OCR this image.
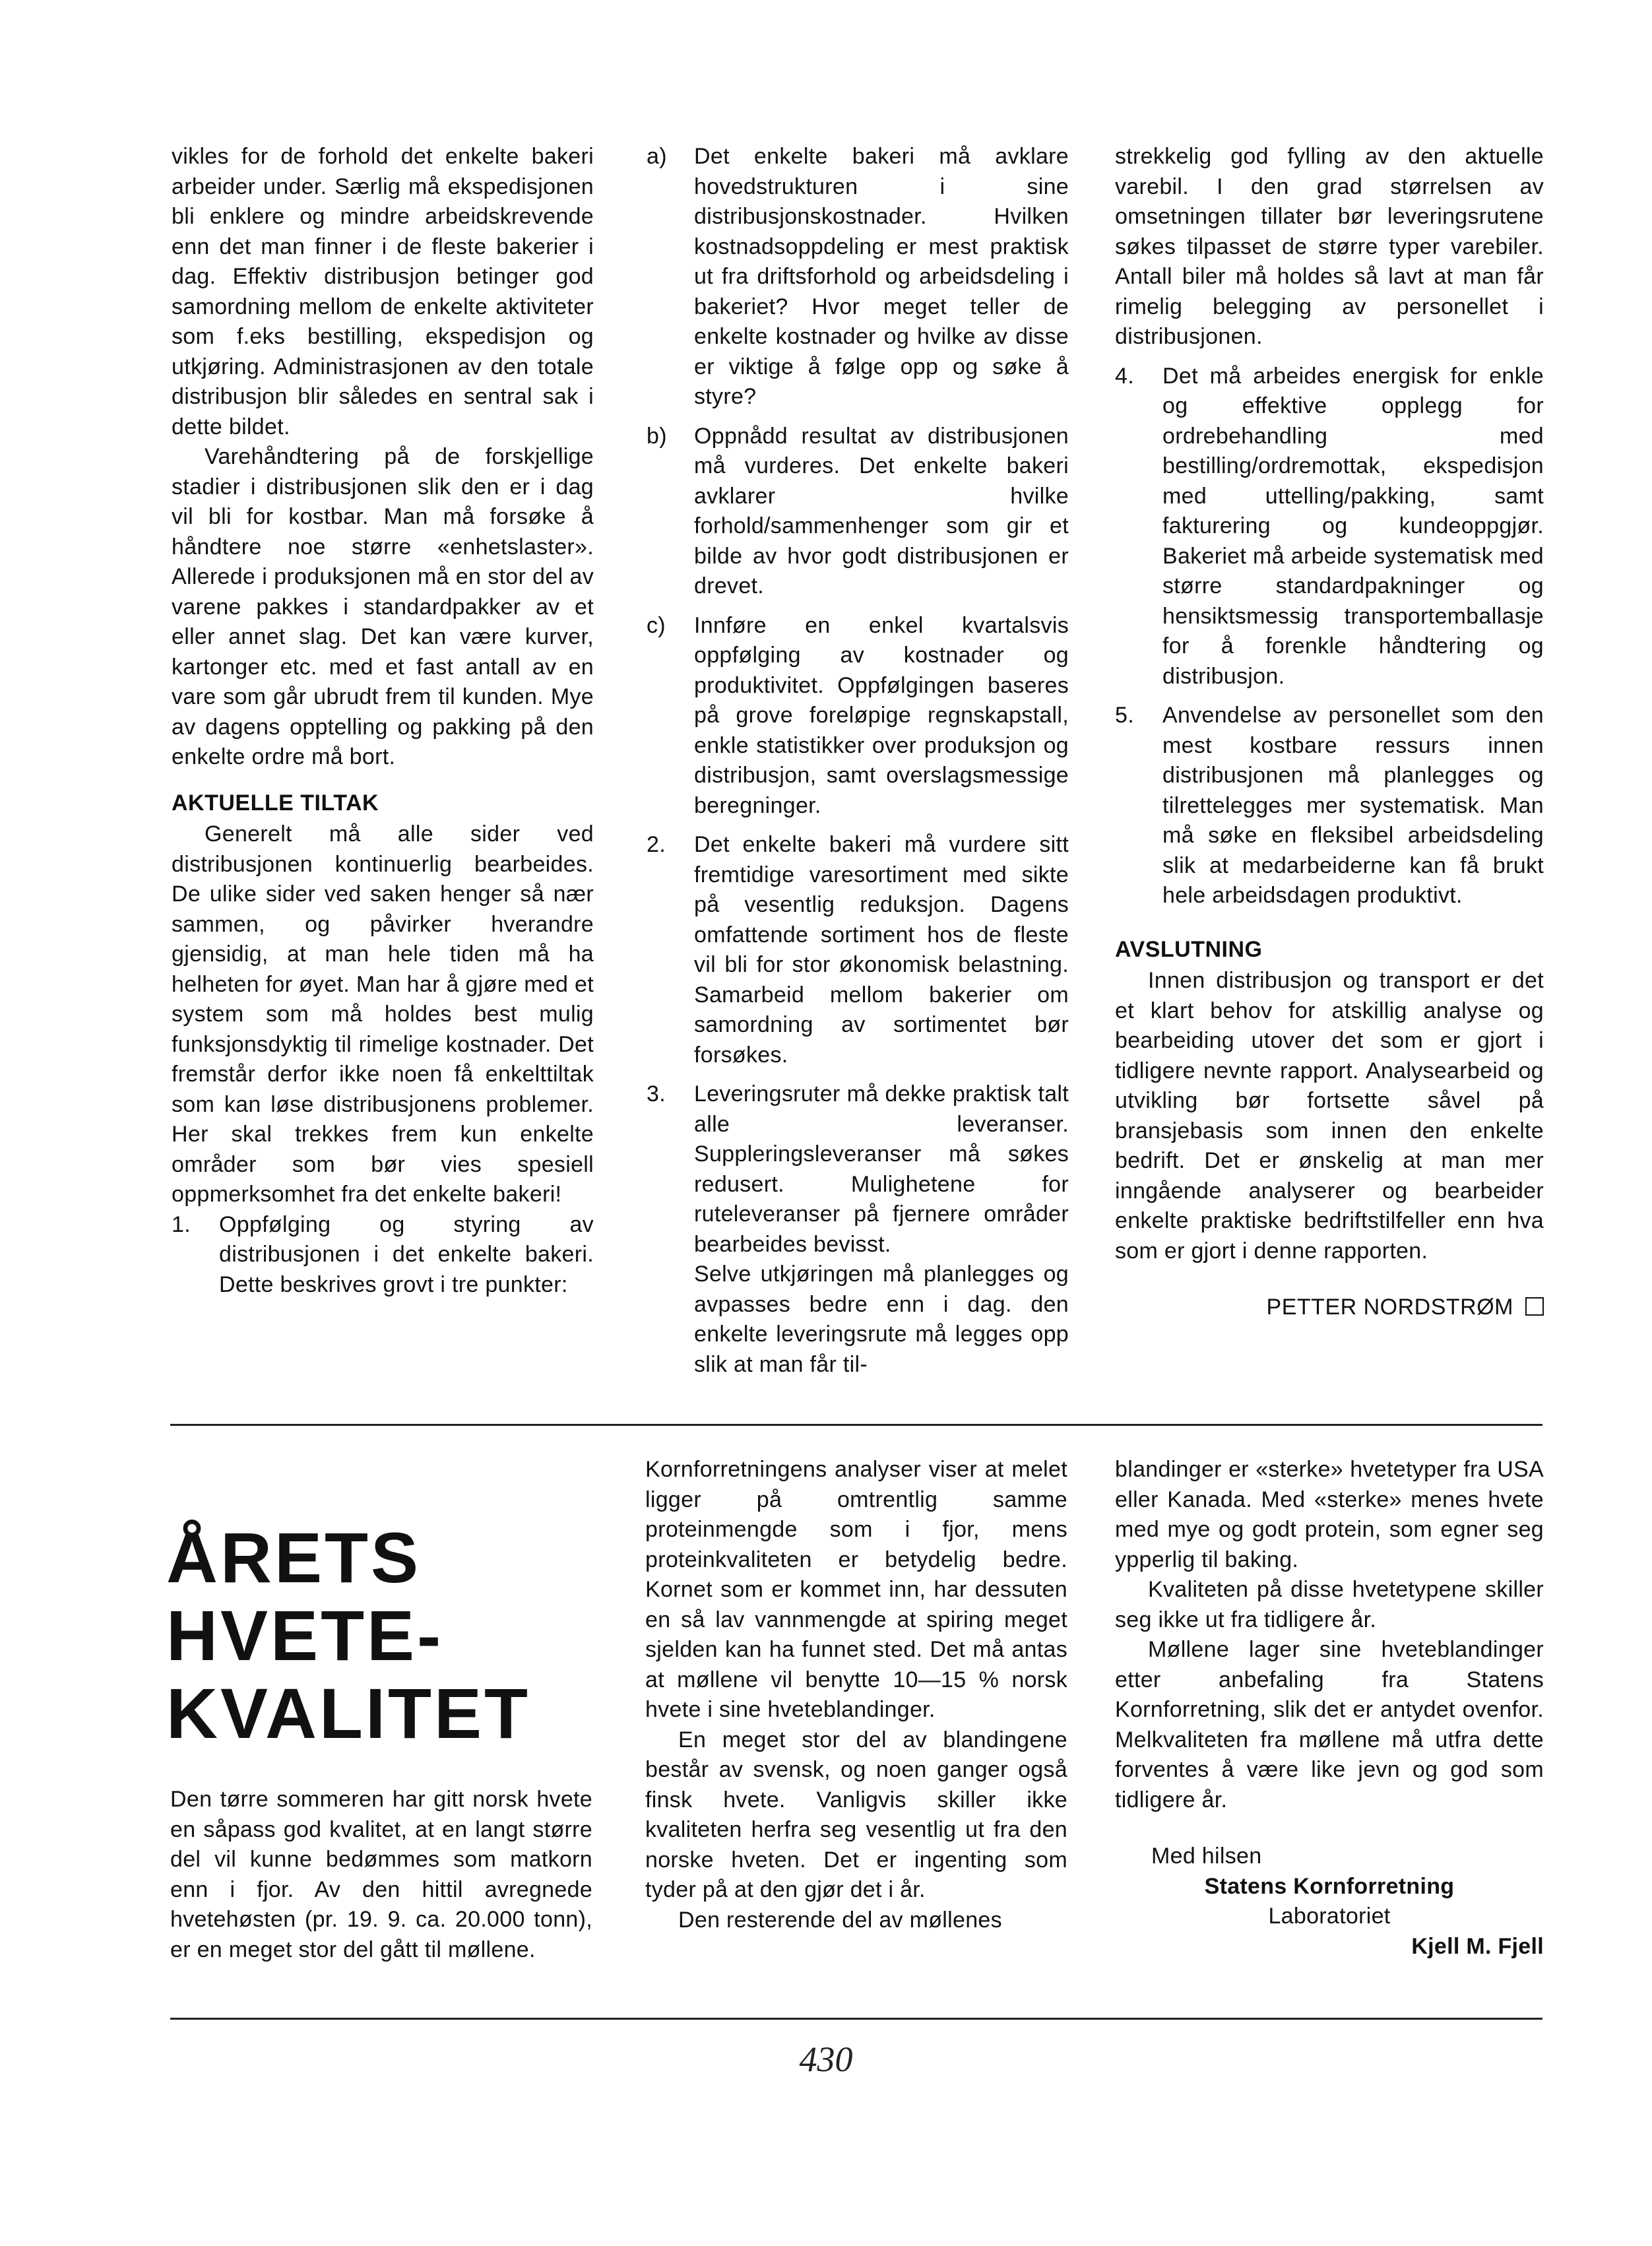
vikles for de forhold det enkelte bakeri arbeider under. Særlig må ekspedisjonen bli enklere og mindre arbeidskrevende enn det man finner i de fleste bakerier i dag. Effektiv distribusjon betinger god samordning mellom de enkelte aktiviteter som f.eks bestilling, ekspedisjon og utkjøring. Administrasjonen av den totale distribusjon blir således en sentral sak i dette bildet.

Varehåndtering på de forskjellige stadier i distribusjonen slik den er i dag vil bli for kostbar. Man må forsøke å håndtere noe større «enhetslaster». Allerede i produksjonen må en stor del av varene pakkes i standardpakker av et eller annet slag. Det kan være kurver, kartonger etc. med et fast antall av en vare som går ubrudt frem til kunden. Mye av dagens opptelling og pakking på den enkelte ordre må bort.

AKTUELLE TILTAK

Generelt må alle sider ved distribusjonen kontinuerlig bearbeides. De ulike sider ved saken henger så nær sammen, og påvirker hverandre gjensidig, at man hele tiden må ha helheten for øyet. Man har å gjøre med et system som må holdes best mulig funksjonsdyktig til rimelige kostnader. Det fremstår derfor ikke noen få enkelttiltak som kan løse distribusjonens problemer. Her skal trekkes frem kun enkelte områder som bør vies spesiell oppmerksomhet fra det enkelte bakeri!

1.	Oppfølging og styring av distribusjonen i det enkelte bakeri. Dette beskrives grovt i tre punkter:
a)	Det enkelte bakeri må avklare hovedstrukturen i sine distribusjonskostnader. Hvilken kostnadsoppdeling er mest praktisk ut fra driftsforhold og arbeidsdeling i bakeriet? Hvor meget teller de enkelte kostnader og hvilke av disse er viktige å følge opp og søke å styre?
b)	Oppnådd resultat av distribusjonen må vurderes. Det enkelte bakeri avklarer hvilke forhold/sammenhenger som gir et bilde av hvor godt distribusjonen er drevet.
c)	Innføre en enkel kvartalsvis oppfølging av kostnader og produktivitet. Oppfølgingen baseres på grove foreløpige regnskapstall, enkle statistikker over produksjon og distribusjon, samt overslagsmessige beregninger.
2.	Det enkelte bakeri må vurdere sitt fremtidige varesortiment med sikte på vesentlig reduksjon. Dagens omfattende sortiment hos de fleste vil bli for stor økonomisk belastning. Samarbeid mellom bakerier om samordning av sortimentet bør forsøkes.
3.	Leveringsruter må dekke praktisk talt alle leveranser. Suppleringsleveranser må søkes redusert. Mulighetene for ruteleveranser på fjernere områder bearbeides bevisst.

Selve utkjøringen må planlegges og avpasses bedre enn i dag. den enkelte leveringsrute må legges opp slik at man får til-

strekkelig god fylling av den aktuelle varebil. I den grad størrelsen av omsetningen tillater bør leveringsrutene søkes tilpasset de større typer varebiler. Antall biler må holdes så lavt at man får rimelig belegging av personellet i distribusjonen.

4.	Det må arbeides energisk for enkle og effektive opplegg for ordrebehandling med bestilling/ordremottak, ekspedisjon med uttelling/pakking, samt fakturering og kundeoppgjør. Bakeriet må arbeide systematisk med større standardpakninger og hensiktsmessig transportemballasje for å forenkle håndtering og distribusjon.
5.	Anvendelse av personellet som den mest kostbare ressurs innen distribusjonen må planlegges og tilrettelegges mer systematisk. Man må søke en fleksibel arbeidsdeling slik at medarbeiderne kan få brukt hele arbeidsdagen produktivt.
AVSLUTNING

Innen distribusjon og transport er det et klart behov for atskillig analyse og bearbeiding utover det som er gjort i tidligere nevnte rapport. Analysearbeid og utvikling bør fortsette såvel på bransjebasis som innen den enkelte bedrift. Det er ønskelig at man mer inngående analyserer og bearbeider enkelte praktiske bedriftstilfeller enn hva som er gjort i denne rapporten.

PETTER NORDSTRØM
ÅRETS
HVETE-
KVALITET

Den tørre sommeren har gitt norsk hvete en såpass god kvalitet, at en langt større del vil kunne bedømmes som matkorn enn i fjor. Av den hittil avregnede hvetehøsten (pr. 19. 9. ca. 20.000 tonn), er en meget stor del gått til møllene.

Kornforretningens analyser viser at melet ligger på omtrentlig samme proteinmengde som i fjor, mens proteinkvaliteten er betydelig bedre. Kornet som er kommet inn, har dessuten en så lav vannmengde at spiring meget sjelden kan ha funnet sted. Det må antas at møllene vil benytte 10—15 % norsk hvete i sine hveteblandinger.

En meget stor del av blandingene består av svensk, og noen ganger også finsk hvete. Vanligvis skiller ikke kvaliteten herfra seg vesentlig ut fra den norske hveten. Det er ingenting som tyder på at den gjør det i år.

Den resterende del av møllenes

blandinger er «sterke» hvetetyper fra USA eller Kanada. Med «sterke» menes hvete med mye og godt protein, som egner seg ypperlig til baking.

Kvaliteten på disse hvetetypene skiller seg ikke ut fra tidligere år.

Møllene lager sine hveteblandinger etter anbefaling fra Statens Kornforretning, slik det er antydet ovenfor. Melkvaliteten fra møllene må utfra dette forventes å være like jevn og god som tidligere år.

Med hilsen
Statens Kornforretning
Laboratoriet
Kjell M. Fjell
430
